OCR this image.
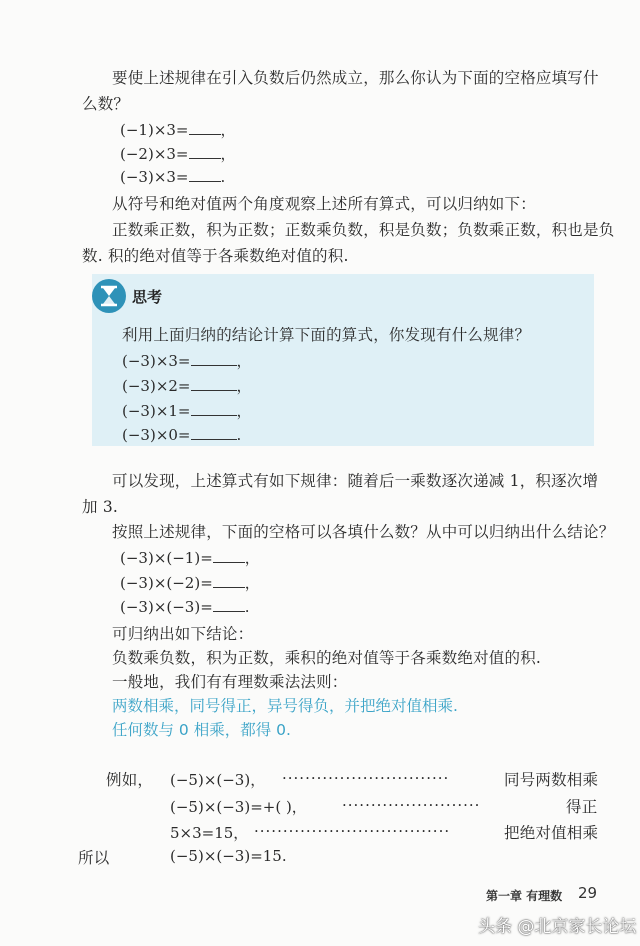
要使上述规律在引入负数后仍然成立，那么你认为下面的空格应填写什
么数？
(−1)×3= ，
(−2)×3= ，
(−3)×3= .
从符号和绝对值两个角度观察上述所有算式，可以归纳如下：
正数乘正数，积为正数；正数乘负数，积是负数；负数乘正数，积也是负
数. 积的绝对值等于各乘数绝对值的积.
思考
利用上面归纳的结论计算下面的算式，你发现有什么规律？
(−3)×3=	，
(−3)×2=	，
(−3)×1=	，
(−3)×0=	.
可以发现，上述算式有如下规律：随着后一乘数逐次递减 1，积逐次增
加 3.
按照上述规律，下面的空格可以各填什么数？从中可以归纳出什么结论？
(−3)×(−1)= ，
(−3)×(−2)= ，
(−3)×(−3)= .
可归纳出如下结论：
负数乘负数，积为正数，乘积的绝对值等于各乘数绝对值的积.
一般地，我们有有理数乘法法则：
两数相乘，同号得正，异号得负，并把绝对值相乘.
任何数与 0 相乘，都得 0.
例如， (−5)×(−3)， ·····························	同号两数相乘
(−5)×(−3)=+( )， ························	得正
5×3=15， ··································	把绝对值相乘
所以	(−5)×(−3)=15.
第一章 有理数 29
头条 @北京家长论坛
